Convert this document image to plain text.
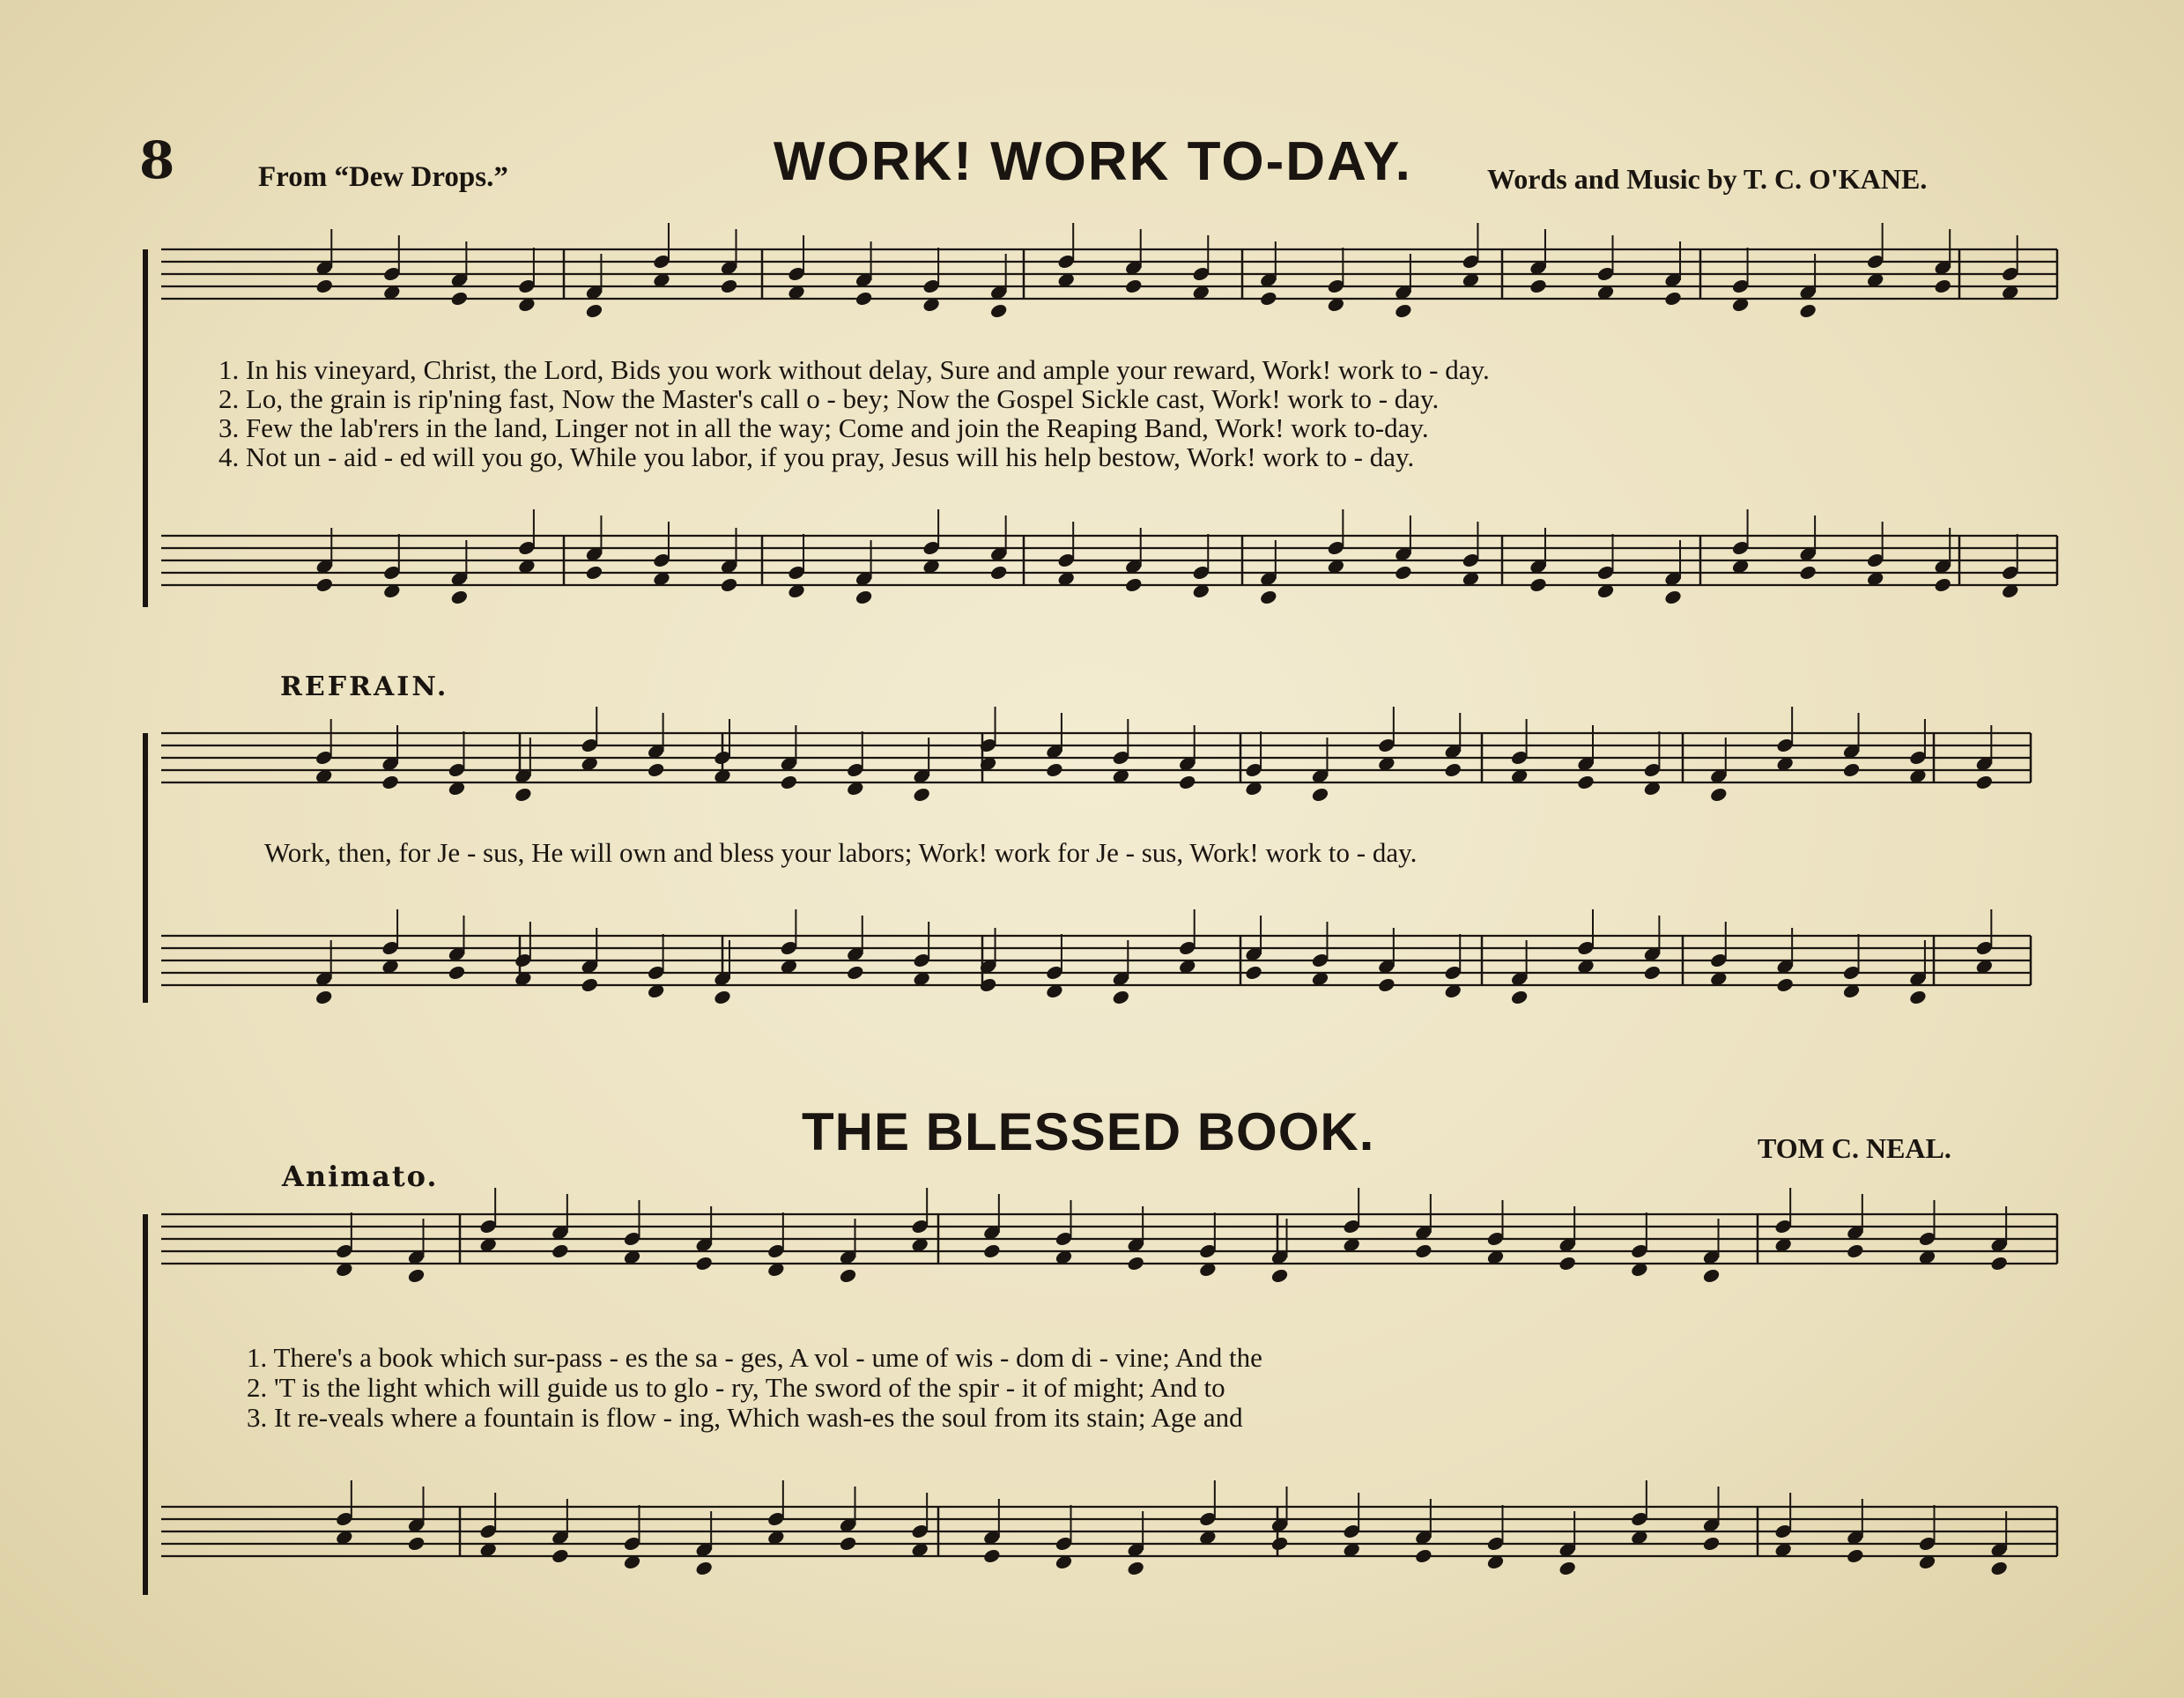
8	From “Dew Drops.”	WORK! WORK TO-DAY.	Words and Music by T. C. O'KANE.
1. In his vineyard, Christ, the Lord, Bids you work without delay, Sure and ample your reward, Work! work to - day.
2. Lo, the grain is rip'ning fast, Now the Master's call o - bey; Now the Gospel Sickle cast, Work! work to - day.
3. Few the lab'rers in the land, Linger not in all the way; Come and join the Reaping Band, Work! work to-day.
4. Not un - aid - ed will you go, While you labor, if you pray, Jesus will his help bestow, Work! work to - day.
REFRAIN.
Work, then, for Je - sus, He will own and bless your labors; Work! work for Je - sus, Work! work to - day.
THE BLESSED BOOK.	TOM C. NEAL.
Animato.
1. There's a book which sur-pass - es the sa - ges, A vol - ume of wis - dom di - vine; And the
2. 'T is the light which will guide us to glo - ry, The sword of the spir - it of might; And to
3. It re-veals where a fountain is flow - ing, Which wash-es the soul from its stain; Age and
